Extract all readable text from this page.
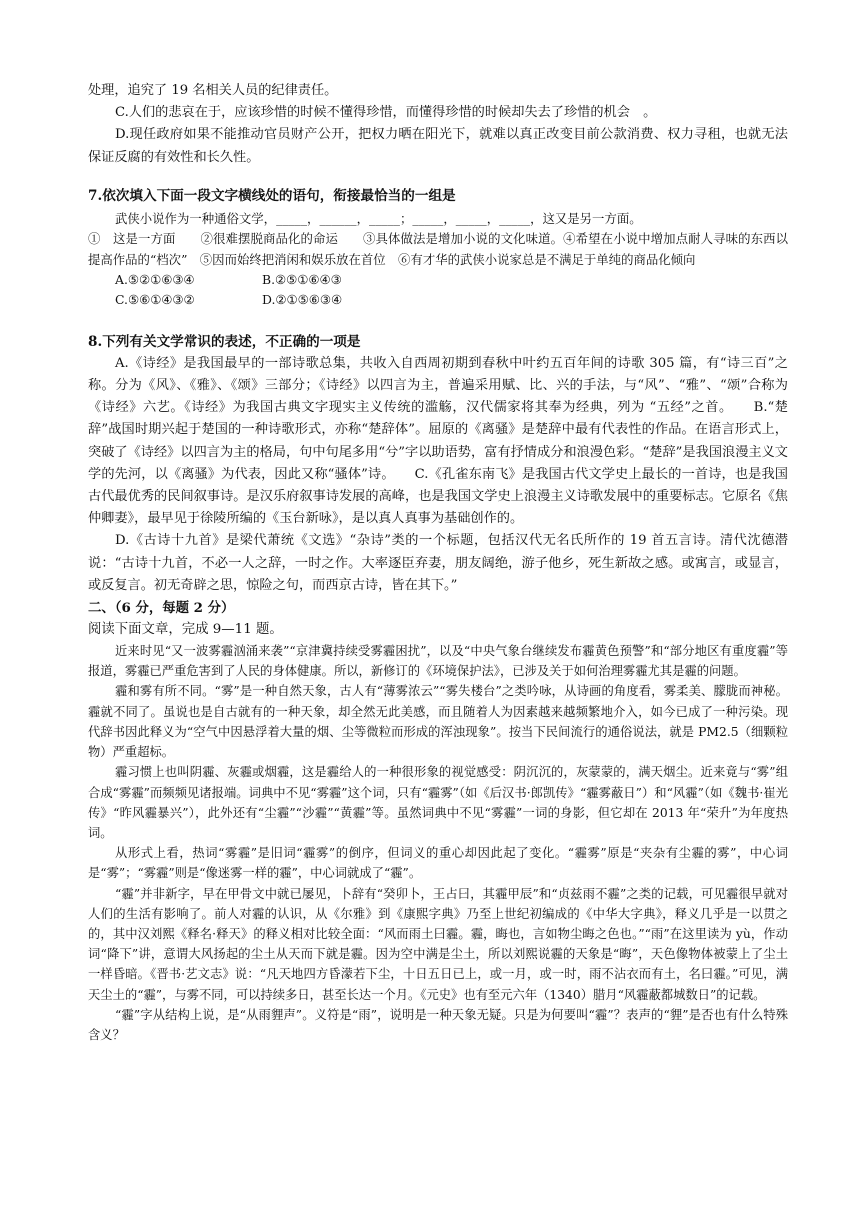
处理，追究了 19 名相关人员的纪律责任。

C.人们的悲哀在于，应该珍惜的时候不懂得珍惜，而懂得珍惜的时候却失去了珍惜的机会　。

D.现任政府如果不能推动官员财产公开，把权力晒在阳光下，就难以真正改变目前公款消费、权力寻租，也就无法保证反腐的有效性和长久性。

7.依次填入下面一段文字横线处的语句，衔接最恰当的一组是

武侠小说作为一种通俗文学，_____，______，_____；_____，_____，_____，这又是另一方面。

①　这是一方面　　②很难摆脱商品化的命运　　③具体做法是增加小说的文化味道。④希望在小说中增加点耐人寻味的东西以提高作品的“档次”　⑤因而始终把消闲和娱乐放在首位　⑥有才华的武侠小说家总是不满足于单纯的商品化倾向

A.⑤②①⑥③④	B.②⑤①⑥④③
C.⑤⑥①④③②	D.②①⑤⑥③④

8.下列有关文学常识的表述，不正确的一项是

A.《诗经》是我国最早的一部诗歌总集，共收入自西周初期到春秋中叶约五百年间的诗歌 305 篇，有“诗三百”之称。分为《风》、《雅》、《颂》三部分；《诗经》以四言为主，普遍采用赋、比、兴的手法，与“风”、“雅”、“颂”合称为《诗经》六艺。《诗经》为我国古典文字现实主义传统的滥觞，汉代儒家将其奉为经典，列为 “五经”之首。　　B.“楚辞”战国时期兴起于楚国的一种诗歌形式，亦称“楚辞体”。屈原的《离骚》是楚辞中最有代表性的作品。在语言形式上，突破了《诗经》以四言为主的格局，句中句尾多用“兮”字以助语势，富有抒情成分和浪漫色彩。“楚辞”是我国浪漫主义文学的先河，以《离骚》为代表，因此又称“骚体”诗。　　C.《孔雀东南飞》是我国古代文学史上最长的一首诗，也是我国古代最优秀的民间叙事诗。是汉乐府叙事诗发展的高峰，也是我国文学史上浪漫主义诗歌发展中的重要标志。它原名《焦仲卿妻》，最早见于徐陵所编的《玉台新咏》，是以真人真事为基础创作的。

D.《古诗十九首》是梁代萧统《文选》“杂诗”类的一个标题，包括汉代无名氏所作的 19 首五言诗。清代沈德潜说：“古诗十九首，不必一人之辞，一时之作。大率逐臣弃妻，朋友阔绝，游子他乡，死生新故之感。或寓言，或显言，或反复言。初无奇辟之思，惊险之句，而西京古诗，皆在其下。”

二、（6 分，每题 2 分）

阅读下面文章，完成 9—11 题。

近来时见“又一波雾霾汹涌来袭”“京津冀持续受雾霾困扰”，以及“中央气象台继续发布霾黄色预警”和“部分地区有重度霾”等报道，雾霾已严重危害到了人民的身体健康。所以，新修订的《环境保护法》，已涉及关于如何治理雾霾尤其是霾的问题。

霾和雾有所不同。“雾”是一种自然天象，古人有“薄雾浓云”“雾失楼台”之类吟咏，从诗画的角度看，雾柔美、朦胧而神秘。霾就不同了。虽说也是自古就有的一种天象，却全然无此美感，而且随着人为因素越来越频繁地介入，如今已成了一种污染。现代辞书因此释义为“空气中因悬浮着大量的烟、尘等微粒而形成的浑浊现象”。按当下民间流行的通俗说法，就是 PM2.5（细颗粒物）严重超标。

霾习惯上也叫阴霾、灰霾或烟霾，这是霾给人的一种很形象的视觉感受：阴沉沉的，灰蒙蒙的，满天烟尘。近来竟与“雾”组合成“雾霾”而频频见诸报端。词典中不见“雾霾”这个词，只有“霾雾”（如《后汉书·郎凯传》“霾雾蔽日”）和“风霾”（如《魏书·崔光传》“昨风霾暴兴”），此外还有“尘霾”“沙霾”“黄霾”等。虽然词典中不见“雾霾”一词的身影，但它却在 2013 年“荣升”为年度热词。

从形式上看，热词“雾霾”是旧词“霾雾”的倒序，但词义的重心却因此起了变化。“霾雾”原是“夹杂有尘霾的雾”，中心词是“雾”；“雾霾”则是“像迷雾一样的霾”，中心词就成了“霾”。

“霾”并非新字，早在甲骨文中就已屡见，卜辞有“癸卯卜，王占曰，其霾甲辰”和“贞兹雨不霾”之类的记载，可见霾很早就对人们的生活有影响了。前人对霾的认识，从《尔雅》到《康熙字典》乃至上世纪初编成的《中华大字典》，释义几乎是一以贯之的，其中汉刘熙《释名·释天》的释义相对比较全面：“风而雨土曰霾。霾，晦也，言如物尘晦之色也。”“雨”在这里读为 yù，作动词“降下”讲，意谓大风扬起的尘土从天而下就是霾。因为空中满是尘土，所以刘熙说霾的天象是“晦”，天色像物体被蒙上了尘土一样昏暗。《晋书·艺文志》说：“凡天地四方昏濛若下尘，十日五日已上，或一月，或一时，雨不沾衣而有土，名曰霾。”可见，满天尘土的“霾”，与雾不同，可以持续多日，甚至长达一个月。《元史》也有至元六年（1340）腊月“风霾蔽都城数日”的记载。

“霾”字从结构上说，是“从雨貍声”。义符是“雨”，说明是一种天象无疑。只是为何要叫“霾”？表声的“貍”是否也有什么特殊含义？
